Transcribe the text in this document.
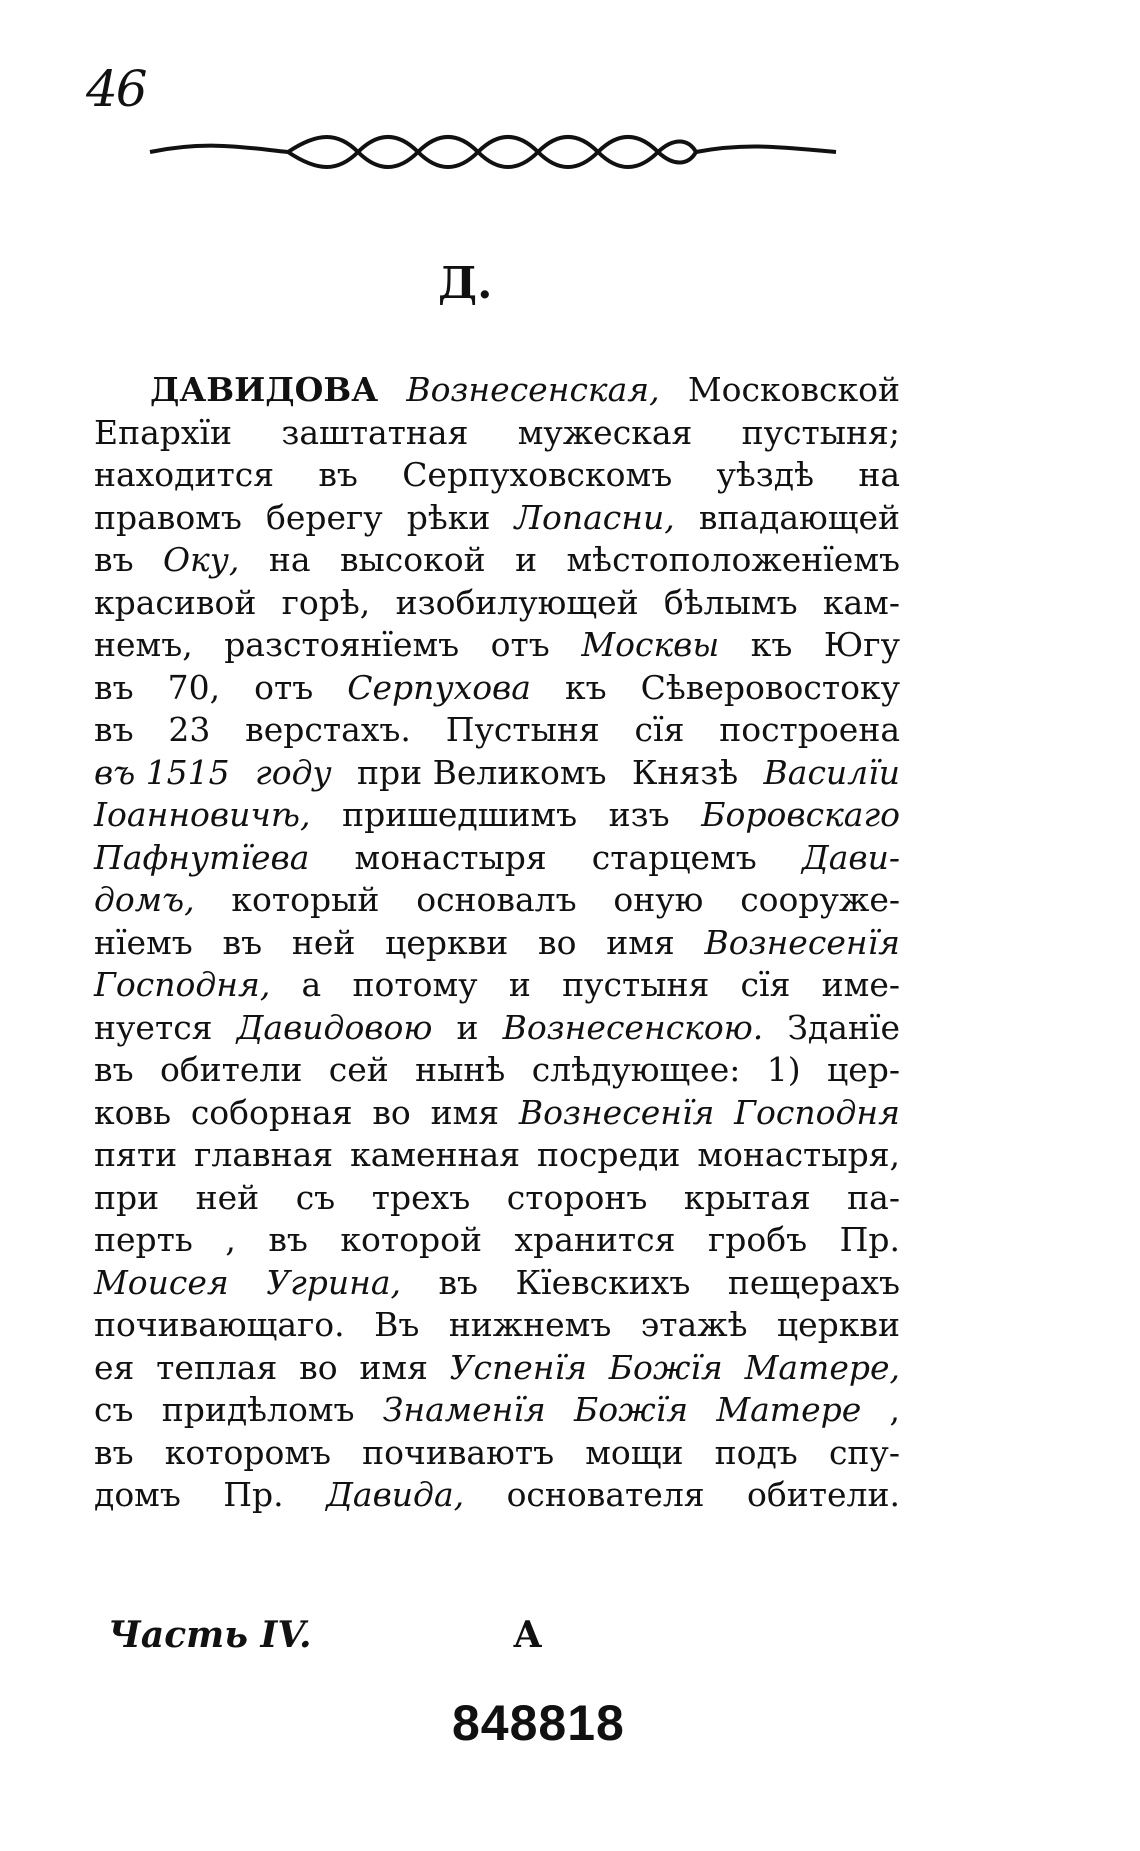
46
Д.
ДАВИДОВА Вознесенская, Московской
Епархїи заштатная мужеская пустыня;
находится въ Серпуховскомъ уѣздѣ на
правомъ берегу рѣки Лопасни, впадающей
въ Оку, на высокой и мѣстоположенїемъ
красивой горѣ, изобилующей бѣлымъ кам-
немъ, разстоянїемъ отъ Москвы къ Югу
въ 70, отъ Серпухова къ Сѣверовостоку
въ 23 верстахъ. Пустыня сїя построена
въ 1515 году при Великомъ Князѣ Василїи
Іоанновичѣ, пришедшимъ изъ Боровскаго
Пафнутїева монастыря старцемъ Дави-
домъ, который основалъ оную сооруже-
нїемъ въ ней церкви во имя Вознесенїя
Господня, а потому и пустыня сїя име-
нуется Давидовою и Вознесенскою. Зданїе
въ обители сей нынѣ слѣдующее: 1) цер-
ковь соборная во имя Вознесенїя Господня
пяти главная каменная посреди монастыря,
при ней съ трехъ сторонъ крытая па-
перть , въ которой хранится гробъ Пр.
Моисея Угрина, въ Кїевскихъ пещерахъ
почивающаго. Въ нижнемъ этажѣ церкви
ея теплая во имя Успенїя Божїя Матере,
съ придѣломъ Знаменїя Божїя Матере ,
въ которомъ почиваютъ мощи подъ спу-
домъ Пр. Давида, основателя обители.
Часть IV.	А
848818
